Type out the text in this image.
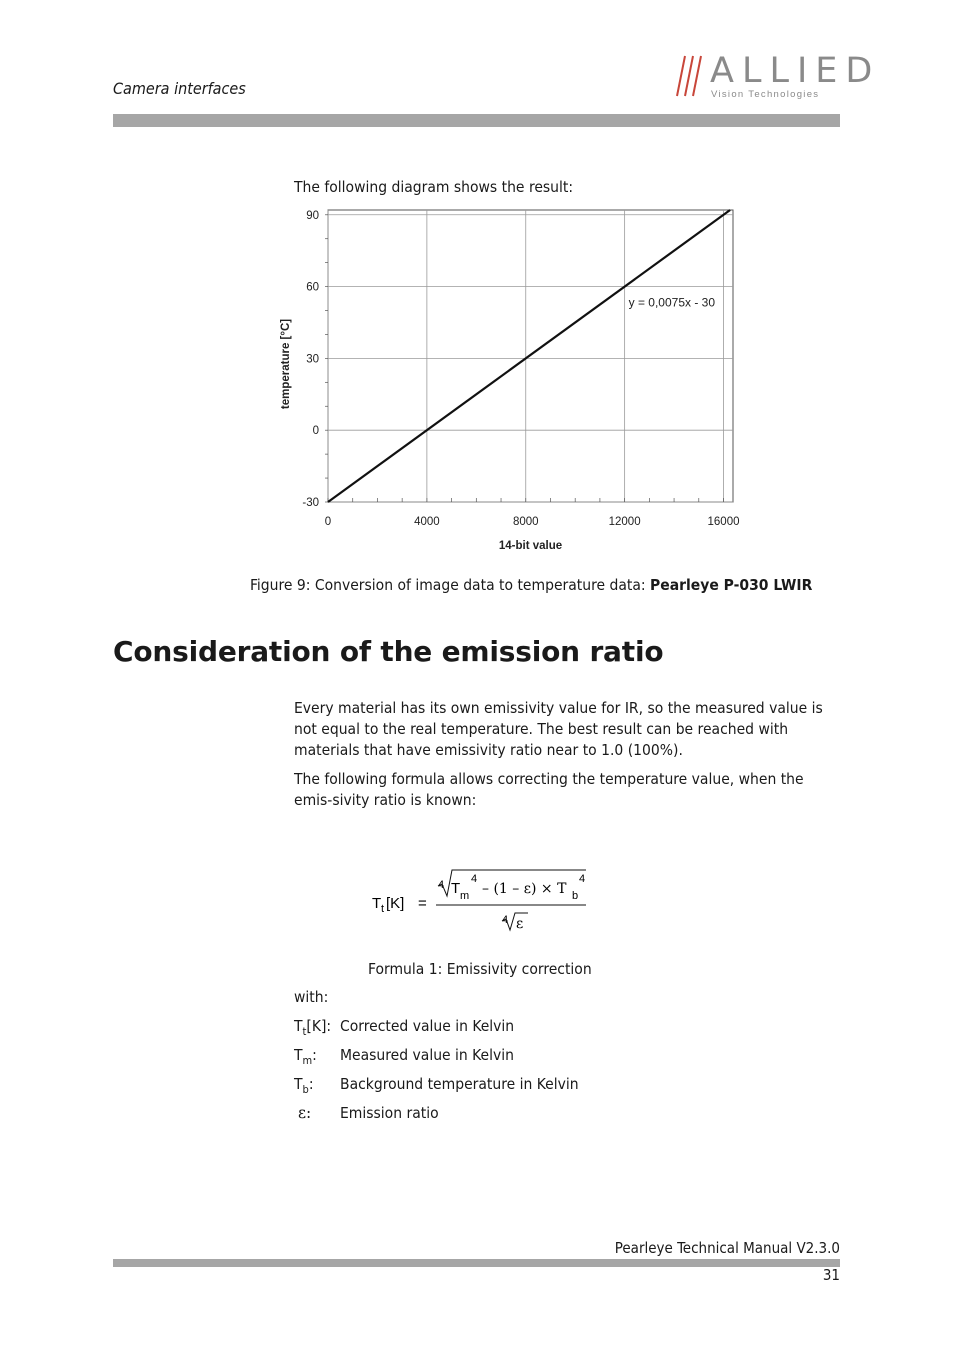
Camera interfaces	ALLIED
Vision Technologies
The following diagram shows the result:
0	4000	8000	12000	16000
-30
0
30
60
90
y = 0,0075x - 30
14-bit value
temperature [°C]
Figure 9: Conversion of image data to temperature data: Pearleye P-030 LWIR
Consideration of the emission ratio
Every material has its own emissivity value for IR, so the measured value is not equal to the real temperature. The best result can be reached with materials that have emissivity ratio near to 1.0 (100%).
The following formula allows correcting the temperature value, when the emis-sivity ratio is known:
T t [K] =
4 T m
4
– (1 – ε) × T b
4
4 ε
Formula 1: Emissivity correction
with:
$T_t[K]$: Corrected value in Kelvin
$T_m$: Measured value in Kelvin
$T_b$: Background temperature in Kelvin
ε: Emission ratio
Pearleye Technical Manual V2.3.0
31
